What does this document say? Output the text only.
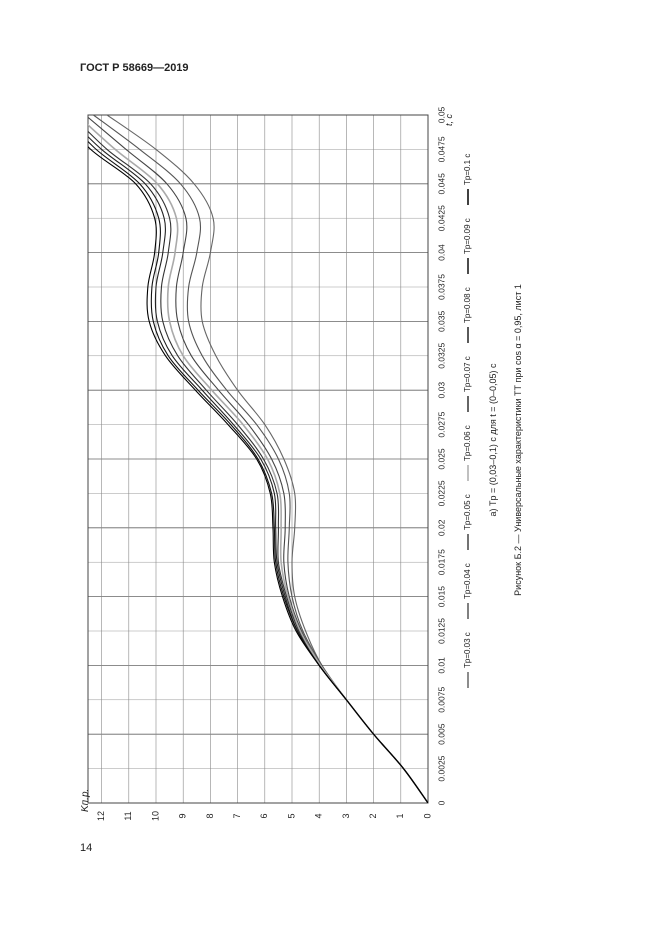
ГОСТ Р 58669—2019
0
0.0025
0.005
0.0075
0.01
0.0125
0.015
0.0175
0.02
0.0225
0.025
0.0275
0.03
0.0325
0.035
0.0375
0.04
0.0425
0.045
0.0475
0.05
0
1
2
3
4
5
6
7
8
9
10
11
12
t, c
Kп.р.
Tp=0.03 c
Tp=0.04 c
Tp=0.05 c
Tp=0.06 c
Tp=0.07 c
Tp=0.08 c
Tp=0.09 c
Tp=0.1 c
а) Tp = (0,03–0,1) с для t = (0–0,05) с Рисунок Б.2 — Универсальные характеристики ТТ при cos α = 0,95, лист 1
14
